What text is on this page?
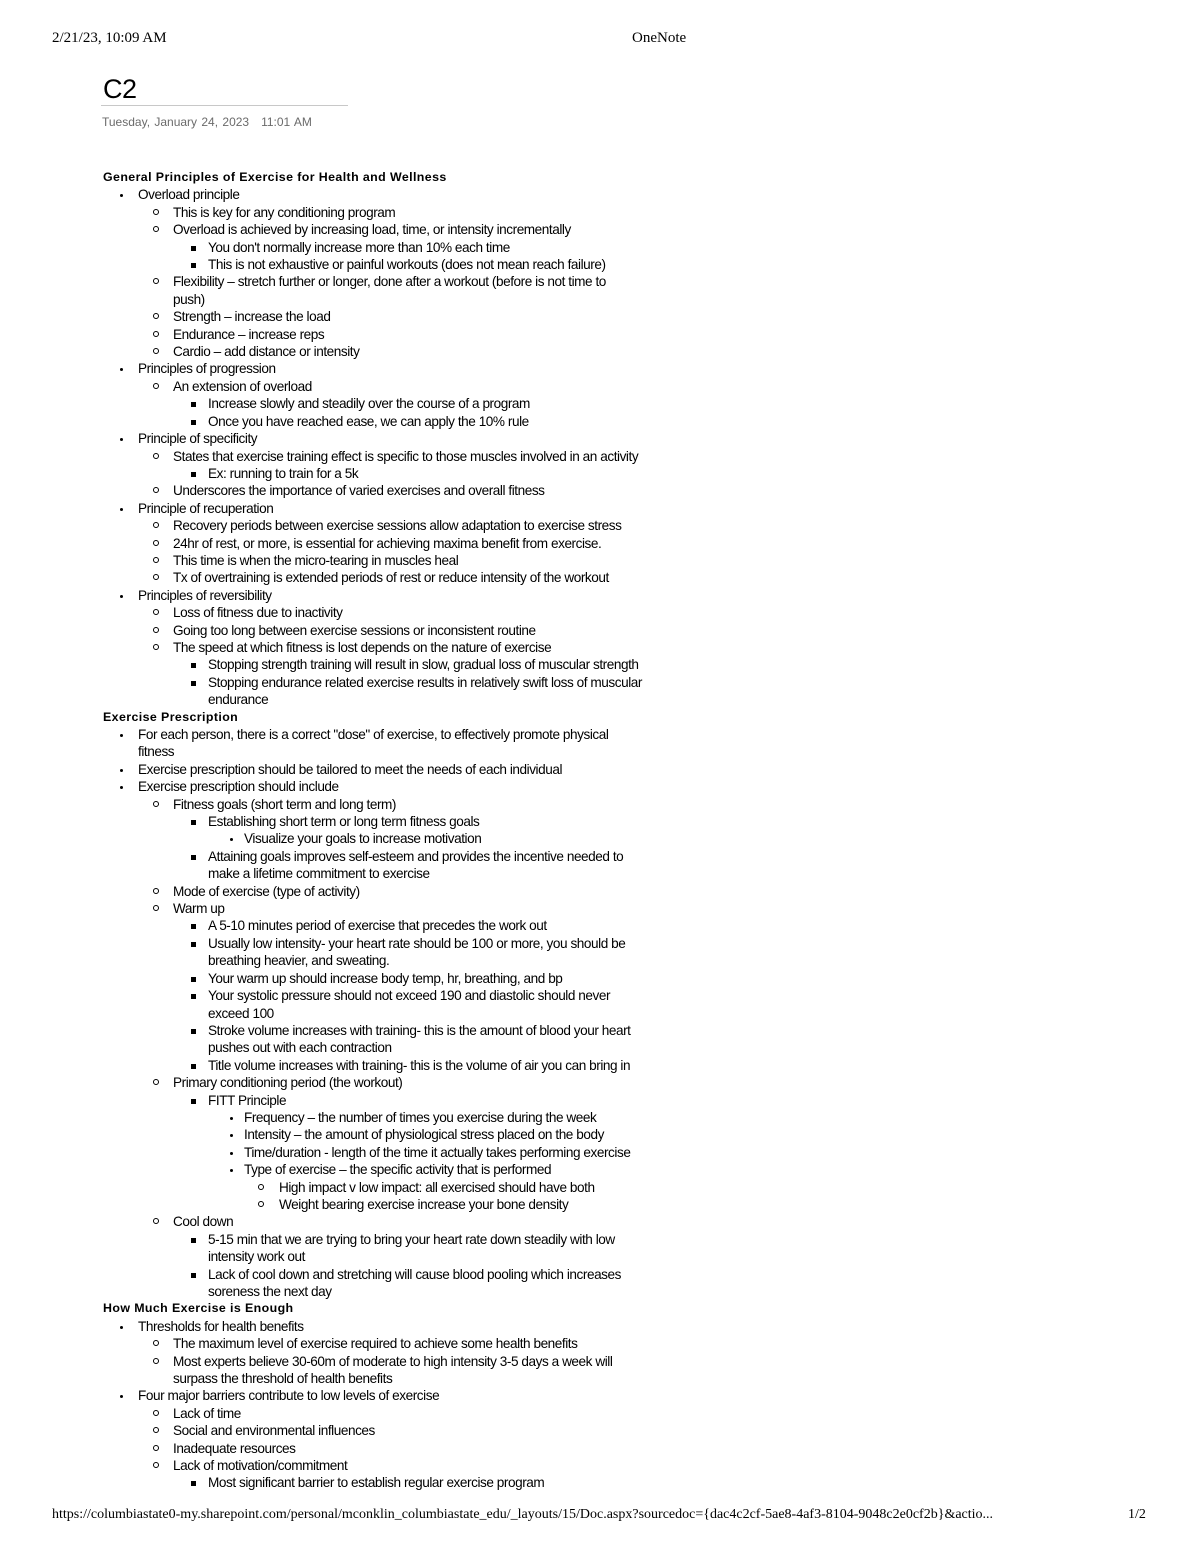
2/21/23, 10:09 AM	OneNote
C2
Tuesday, January 24, 2023 11:01 AM
General Principles of Exercise for Health and Wellness
Overload principle
This is key for any conditioning program
Overload is achieved by increasing load, time, or intensity incrementally
You don't normally increase more than 10% each time
This is not exhaustive or painful workouts (does not mean reach failure)
Flexibility – stretch further or longer, done after a workout (before is not time to
push)
Strength – increase the load
Endurance – increase reps
Cardio – add distance or intensity
Principles of progression
An extension of overload
Increase slowly and steadily over the course of a program
Once you have reached ease, we can apply the 10% rule
Principle of specificity
States that exercise training effect is specific to those muscles involved in an activity
Ex: running to train for a 5k
Underscores the importance of varied exercises and overall fitness
Principle of recuperation
Recovery periods between exercise sessions allow adaptation to exercise stress
24hr of rest, or more, is essential for achieving maxima benefit from exercise.
This time is when the micro-tearing in muscles heal
Tx of overtraining is extended periods of rest or reduce intensity of the workout
Principles of reversibility
Loss of fitness due to inactivity
Going too long between exercise sessions or inconsistent routine
The speed at which fitness is lost depends on the nature of exercise
Stopping strength training will result in slow, gradual loss of muscular strength
Stopping endurance related exercise results in relatively swift loss of muscular
endurance
Exercise Prescription
For each person, there is a correct "dose" of exercise, to effectively promote physical
fitness
Exercise prescription should be tailored to meet the needs of each individual
Exercise prescription should include
Fitness goals (short term and long term)
Establishing short term or long term fitness goals
Visualize your goals to increase motivation
Attaining goals improves self-esteem and provides the incentive needed to
make a lifetime commitment to exercise
Mode of exercise (type of activity)
Warm up
A 5-10 minutes period of exercise that precedes the work out
Usually low intensity- your heart rate should be 100 or more, you should be
breathing heavier, and sweating.
Your warm up should increase body temp, hr, breathing, and bp
Your systolic pressure should not exceed 190 and diastolic should never
exceed 100
Stroke volume increases with training- this is the amount of blood your heart
pushes out with each contraction
Title volume increases with training- this is the volume of air you can bring in
Primary conditioning period (the workout)
FITT Principle
Frequency – the number of times you exercise during the week
Intensity – the amount of physiological stress placed on the body
Time/duration - length of the time it actually takes performing exercise
Type of exercise – the specific activity that is performed
High impact v low impact: all exercised should have both
Weight bearing exercise increase your bone density
Cool down
5-15 min that we are trying to bring your heart rate down steadily with low
intensity work out
Lack of cool down and stretching will cause blood pooling which increases
soreness the next day
How Much Exercise is Enough
Thresholds for health benefits
The maximum level of exercise required to achieve some health benefits
Most experts believe 30-60m of moderate to high intensity 3-5 days a week will
surpass the threshold of health benefits
Four major barriers contribute to low levels of exercise
Lack of time
Social and environmental influences
Inadequate resources
Lack of motivation/commitment
Most significant barrier to establish regular exercise program
https://columbiastate0-my.sharepoint.com/personal/mconklin_columbiastate_edu/_layouts/15/Doc.aspx?sourcedoc={dac4c2cf-5ae8-4af3-8104-9048c2e0cf2b}&actio...	1/2
